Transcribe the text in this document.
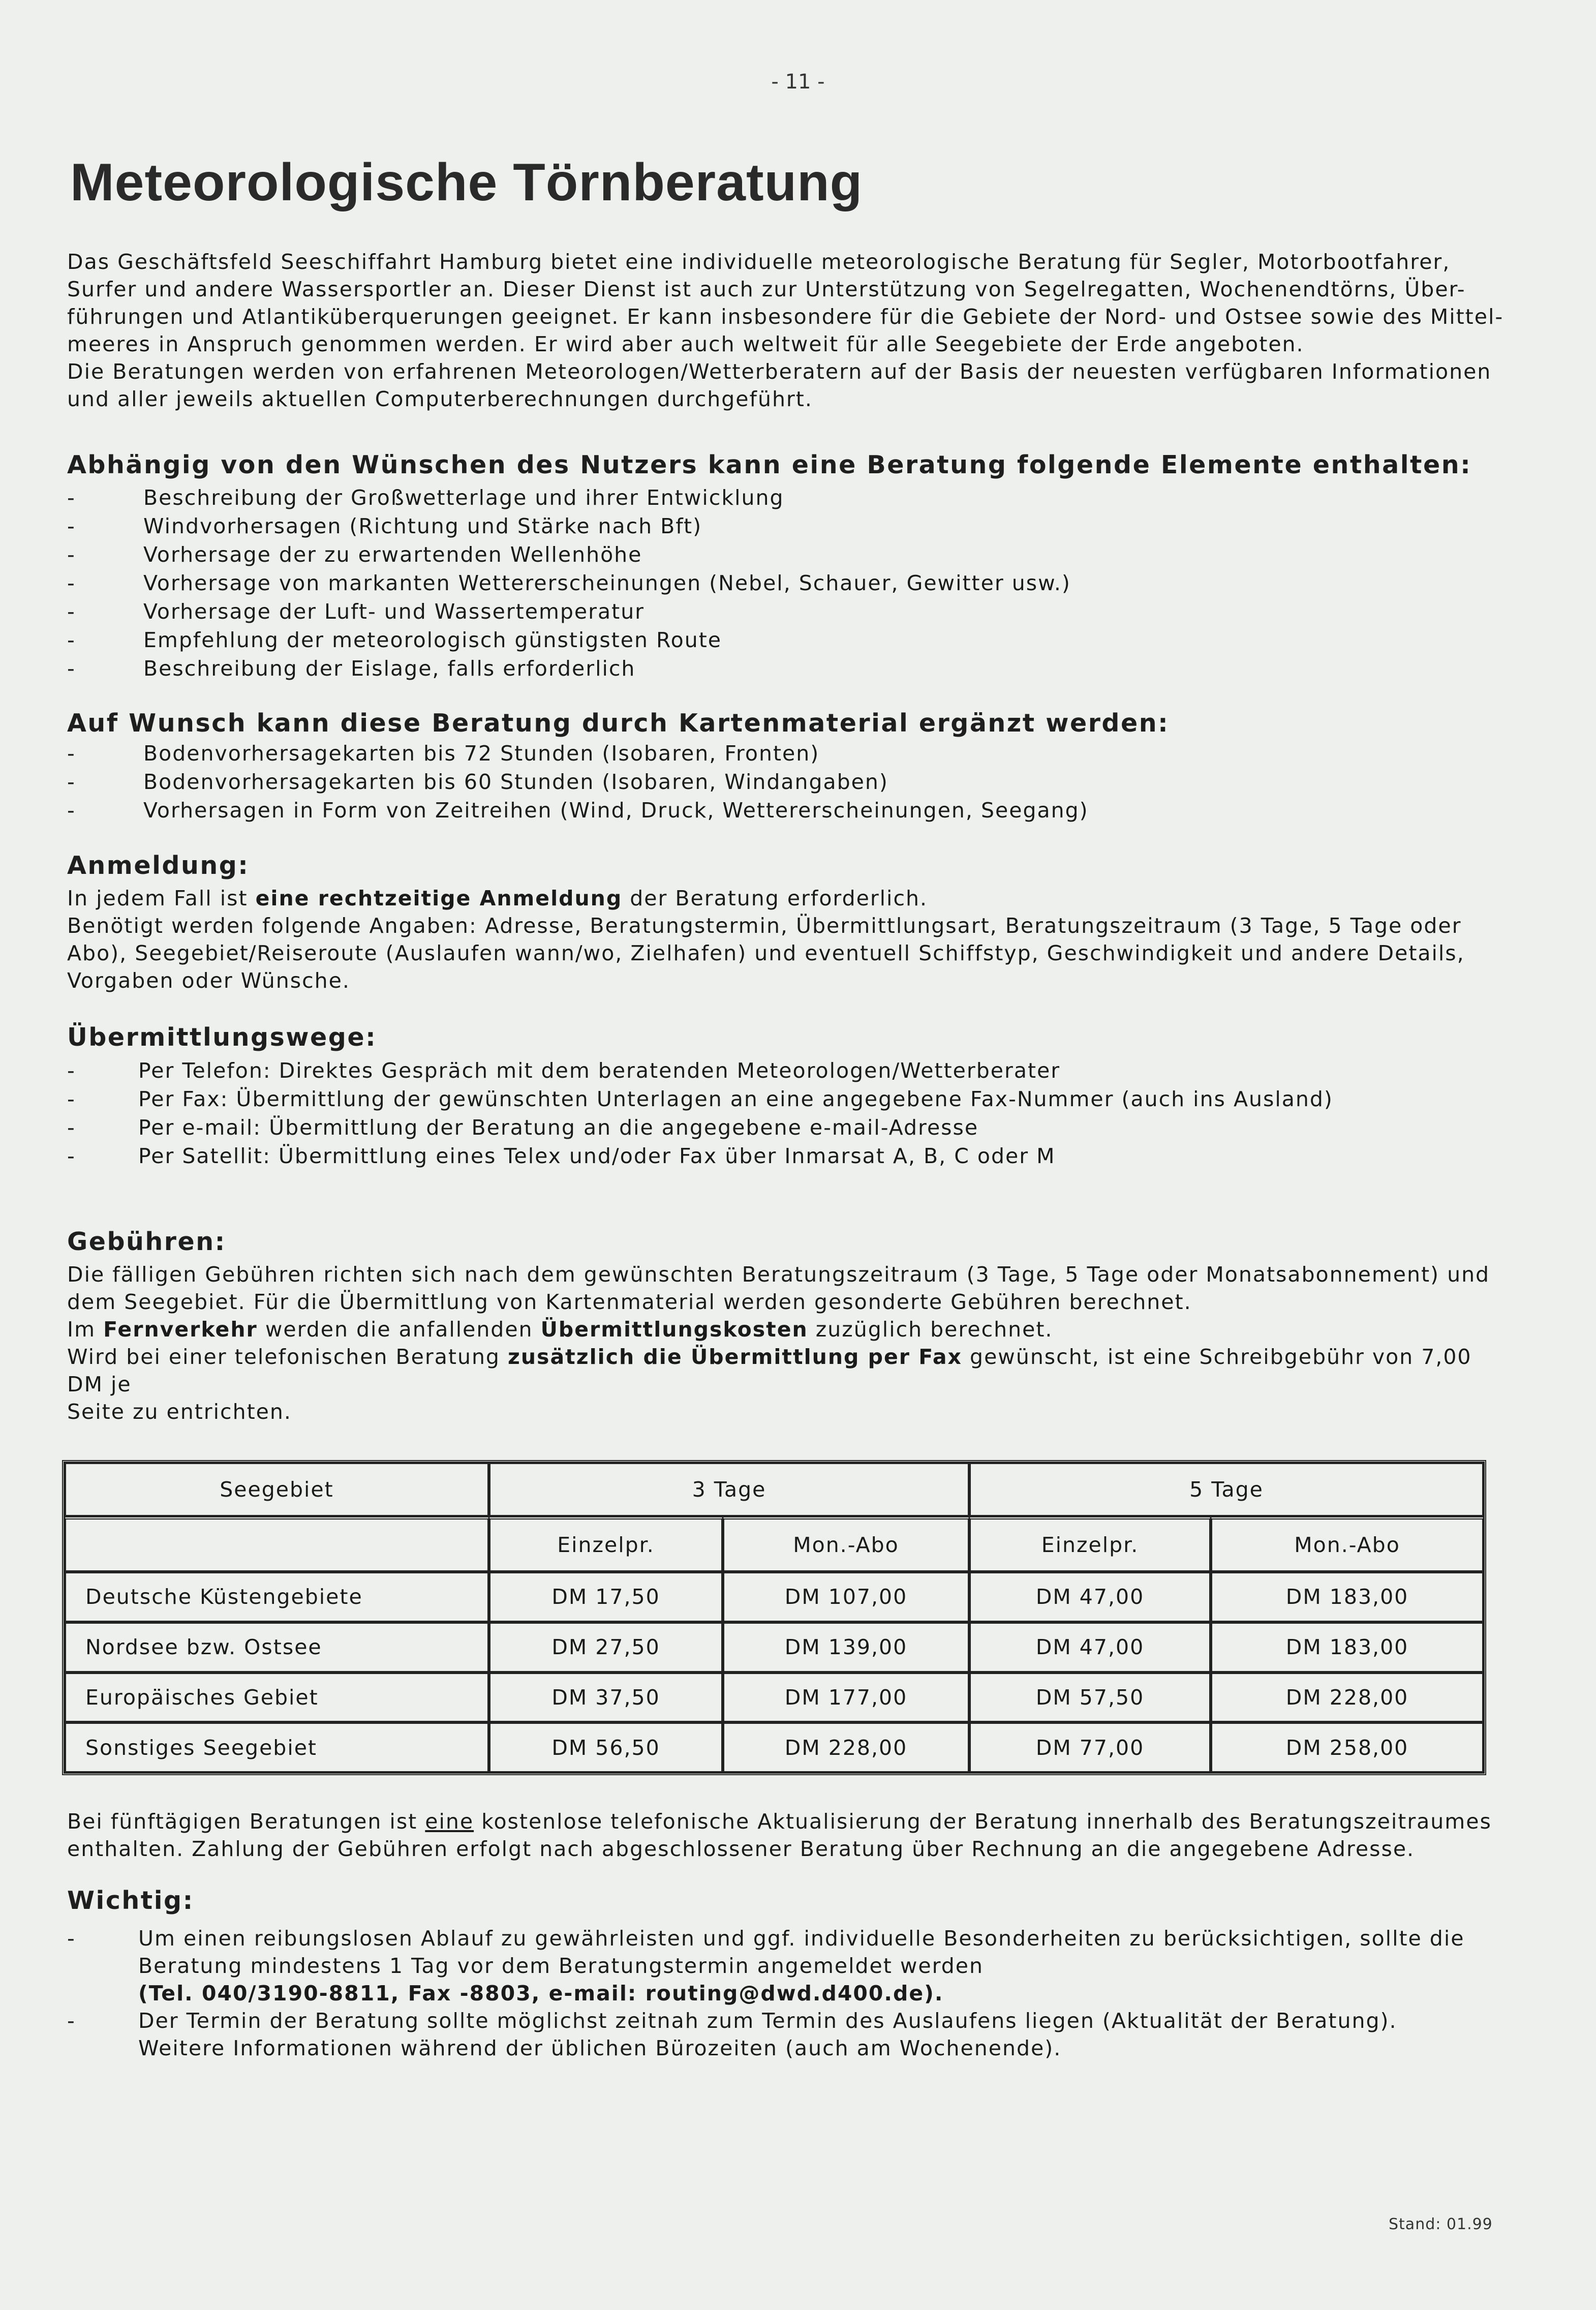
- 11 -
Meteorologische Törnberatung

Das Geschäftsfeld Seeschiffahrt Hamburg bietet eine individuelle meteorologische Beratung für Segler, Motorbootfahrer,

Surfer und andere Wassersportler an. Dieser Dienst ist auch zur Unterstützung von Segelregatten, Wochenendtörns, Über-

führungen und Atlantiküberquerungen geeignet. Er kann insbesondere für die Gebiete der Nord- und Ostsee sowie des Mittel-

meeres in Anspruch genommen werden. Er wird aber auch weltweit für alle Seegebiete der Erde angeboten.

Die Beratungen werden von erfahrenen Meteorologen/Wetterberatern auf der Basis der neuesten verfügbaren Informationen

und aller jeweils aktuellen Computerberechnungen durchgeführt.

Abhängig von den Wünschen des Nutzers kann eine Beratung folgende Elemente enthalten:
-	Beschreibung der Großwetterlage und ihrer Entwicklung
-	Windvorhersagen (Richtung und Stärke nach Bft)
-	Vorhersage der zu erwartenden Wellenhöhe
-	Vorhersage von markanten Wettererscheinungen (Nebel, Schauer, Gewitter usw.)
-	Vorhersage der Luft- und Wassertemperatur
-	Empfehlung der meteorologisch günstigsten Route
-	Beschreibung der Eislage, falls erforderlich
Auf Wunsch kann diese Beratung durch Kartenmaterial ergänzt werden:
-	Bodenvorhersagekarten bis 72 Stunden (Isobaren, Fronten)
-	Bodenvorhersagekarten bis 60 Stunden (Isobaren, Windangaben)
-	Vorhersagen in Form von Zeitreihen (Wind, Druck, Wettererscheinungen, Seegang)
Anmeldung:

In jedem Fall ist eine rechtzeitige Anmeldung der Beratung erforderlich.

Benötigt werden folgende Angaben: Adresse, Beratungstermin, Übermittlungsart, Beratungszeitraum (3 Tage, 5 Tage oder

Abo), Seegebiet/Reiseroute (Auslaufen wann/wo, Zielhafen) und eventuell Schiffstyp, Geschwindigkeit und andere Details,

Vorgaben oder Wünsche.

Übermittlungswege:
-	Per Telefon: Direktes Gespräch mit dem beratenden Meteorologen/Wetterberater
-	Per Fax: Übermittlung der gewünschten Unterlagen an eine angegebene Fax-Nummer (auch ins Ausland)
-	Per e-mail: Übermittlung der Beratung an die angegebene e-mail-Adresse
-	Per Satellit: Übermittlung eines Telex und/oder Fax über Inmarsat A, B, C oder M
Gebühren:

Die fälligen Gebühren richten sich nach dem gewünschten Beratungszeitraum (3 Tage, 5 Tage oder Monatsabonnement) und

dem Seegebiet. Für die Übermittlung von Kartenmaterial werden gesonderte Gebühren berechnet.

Im Fernverkehr werden die anfallenden Übermittlungskosten zuzüglich berechnet.

Wird bei einer telefonischen Beratung zusätzlich die Übermittlung per Fax gewünscht, ist eine Schreibgebühr von 7,00 DM je

Seite zu entrichten.

Seegebiet	3 Tage		5 Tage	
	Einzelpr.	Mon.-Abo	Einzelpr.	Mon.-Abo
Deutsche Küstengebiete	DM 17,50	DM 107,00	DM 47,00	DM 183,00
Nordsee bzw. Ostsee	DM 27,50	DM 139,00	DM 47,00	DM 183,00
Europäisches Gebiet	DM 37,50	DM 177,00	DM 57,50	DM 228,00
Sonstiges Seegebiet	DM 56,50	DM 228,00	DM 77,00	DM 258,00

Bei fünftägigen Beratungen ist eine kostenlose telefonische Aktualisierung der Beratung innerhalb des Beratungszeitraumes

enthalten. Zahlung der Gebühren erfolgt nach abgeschlossener Beratung über Rechnung an die angegebene Adresse.

Wichtig:
-	Um einen reibungslosen Ablauf zu gewährleisten und ggf. individuelle Besonderheiten zu berücksichtigen, sollte die

Beratung mindestens 1 Tag vor dem Beratungstermin angemeldet werden

(Tel. 040/3190-8811, Fax -8803, e-mail: routing@dwd.d400.de).

-	Der Termin der Beratung sollte möglichst zeitnah zum Termin des Auslaufens liegen (Aktualität der Beratung).

Weitere Informationen während der üblichen Bürozeiten (auch am Wochenende).

Stand: 01.99
